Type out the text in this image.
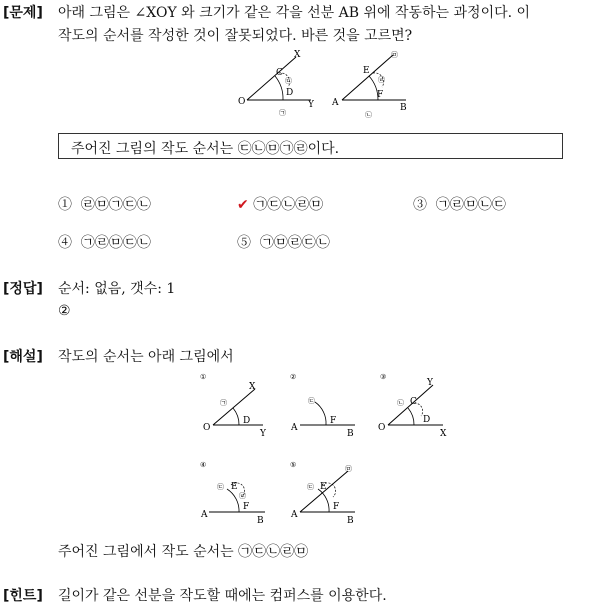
[문제] 아래 그림은 ∠XOY 와 크기가 같은 각을 선분 AB 위에 작동하는 과정이다. 이
작도의 순서를 작성한 것이 잘못되었다. 바른 것을 고르면?
O
X
Y
C
D
㉢
㉠
A	B
E
F
㉤
㉣
㉡
주어진 그림의 작도 순서는 ㉢㉡㉤㉠㉣이다.
① ㉣㉤㉠㉢㉡	✔ ㉠㉢㉡㉣㉤	③ ㉠㉣㉤㉡㉢
④ ㉠㉣㉤㉢㉡	⑤ ㉠㉤㉣㉢㉡
[정답] 순서: 없음, 갯수: 1
②
[해설] 작도의 순서는 아래 그림에서
①
O
X
Y
D
㉠
②
A
B
F
㉢
③
O
Y
X
C
D
㉡
④
A
B
E
F
㉢
㉣
⑤
A
B
E
F
㉢
㉤
주어진 그림에서 작도 순서는 ㉠㉢㉡㉣㉤
[힌트] 길이가 같은 선분을 작도할 때에는 컴퍼스를 이용한다.
